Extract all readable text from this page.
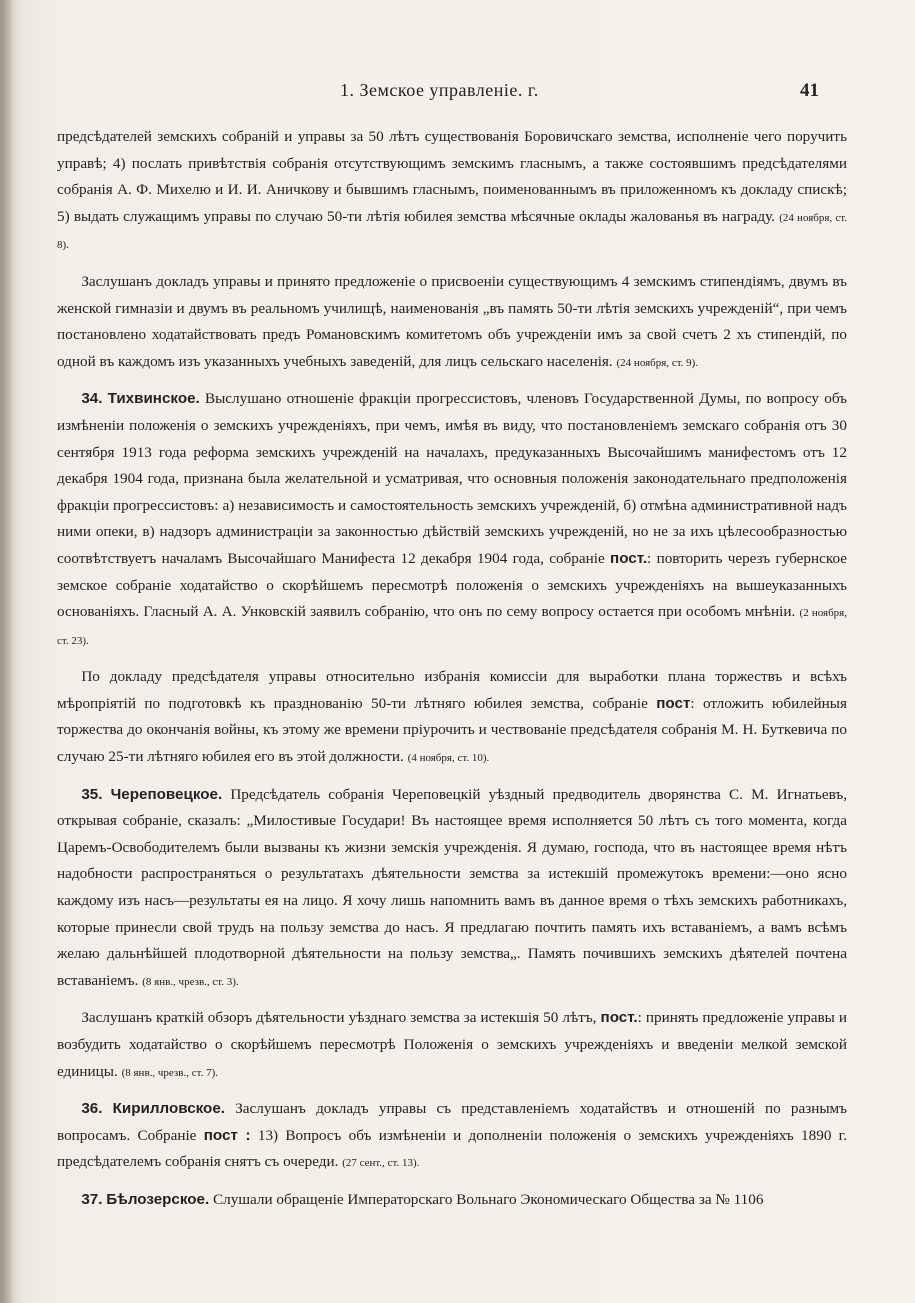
1. Земское управленіе. г.	41

предсѣдателей земскихъ собраній и управы за 50 лѣтъ существованія Боровичскаго земства, исполненіе чего поручить управѣ; 4) послать привѣтствія собранія отсутствующимъ земскимъ гласнымъ, а также состоявшимъ предсѣдателями собранія А. Ф. Михелю и И. И. Аничкову и бывшимъ гласнымъ, поименованнымъ въ приложенномъ къ докладу спискѣ; 5) выдать служащимъ управы по случаю 50-ти лѣтія юбилея земства мѣсячные оклады жалованья въ награду. (24 ноября, ст. 8).

Заслушанъ докладъ управы и принято предложеніе о присвоеніи существующимъ 4 земскимъ стипендіямъ, двумъ въ женской гимназіи и двумъ въ реальномъ училищѣ, наименованія „въ память 50-ти лѣтія земскихъ учрежденій“, при чемъ постановлено ходатайствовать предъ Романовскимъ комитетомъ объ учрежденіи имъ за свой счетъ 2 хъ стипендій, по одной въ каждомъ изъ указанныхъ учебныхъ заведеній, для лицъ сельскаго населенія. (24 ноября, ст. 9).

34. Тихвинское. Выслушано отношеніе фракціи прогрессистовъ, членовъ Государственной Думы, по вопросу объ измѣненіи положенія о земскихъ учрежденіяхъ, при чемъ, имѣя въ виду, что постановленіемъ земскаго собранія отъ 30 сентября 1913 года реформа земскихъ учрежденій на началахъ, предуказанныхъ Высочайшимъ манифестомъ отъ 12 декабря 1904 года, признана была желательной и усматривая, что основныя положенія законодательнаго предположенія фракціи прогрессистовъ: а) независимость и самостоятельность земскихъ учрежденій, б) отмѣна административной надъ ними опеки, в) надзоръ администраціи за законностью дѣйствій земскихъ учрежденій, но не за ихъ цѣлесообразностью соотвѣтствуетъ началамъ Высочайшаго Манифеста 12 декабря 1904 года, собраніе пост.: повторить черезъ губернское земское собраніе ходатайство о скорѣйшемъ пересмотрѣ положенія о земскихъ учрежденіяхъ на вышеуказанныхъ основаніяхъ. Гласный А. А. Унковскій заявилъ собранію, что онъ по сему вопросу остается при особомъ мнѣніи. (2 ноября, ст. 23).

По докладу предсѣдателя управы относительно избранія комиссіи для выработки плана торжествъ и всѣхъ мѣропріятій по подготовкѣ къ празднованію 50-ти лѣтняго юбилея земства, собраніе пост: отложить юбилейныя торжества до окончанія войны, къ этому же времени пріурочить и чествованіе предсѣдателя собранія М. Н. Буткевича по случаю 25-ти лѣтняго юбилея его въ этой должности. (4 ноября, ст. 10).

35. Череповецкое. Предсѣдатель собранія Череповецкій уѣздный предводитель дворянства С. М. Игнатьевъ, открывая собраніе, сказалъ: „Милостивые Государи! Въ настоящее время исполняется 50 лѣтъ съ того момента, когда Царемъ-Освободителемъ были вызваны къ жизни земскія учрежденія. Я думаю, господа, что въ настоящее время нѣтъ надобности распространяться о результатахъ дѣятельности земства за истекшій промежутокъ времени:—оно ясно каждому изъ насъ—результаты ея на лицо. Я хочу лишь напомнить вамъ въ данное время о тѣхъ земскихъ работникахъ, которые принесли свой трудъ на пользу земства до насъ. Я предлагаю почтить память ихъ вставаніемъ, а вамъ всѣмъ желаю дальнѣйшей плодотворной дѣятельности на пользу земства„. Память почившихъ земскихъ дѣятелей почтена вставаніемъ. (8 янв., чрезв., ст. 3).

Заслушанъ краткій обзоръ дѣятельности уѣзднаго земства за истекшія 50 лѣтъ, пост.: принять предложеніе управы и возбудить ходатайство о скорѣйшемъ пересмотрѣ Положенія о земскихъ учрежденіяхъ и введеніи мелкой земской единицы. (8 янв., чрезв., ст. 7).

36. Кирилловское. Заслушанъ докладъ управы съ представленіемъ ходатайствъ и отношеній по разнымъ вопросамъ. Собраніе пост : 13) Вопросъ объ измѣненіи и дополненіи положенія о земскихъ учрежденіяхъ 1890 г. предсѣдателемъ собранія снятъ съ очереди. (27 сент., ст. 13).

37. Бѣлозерское. Слушали обращеніе Императорскаго Вольнаго Экономическаго Общества за № 1106
